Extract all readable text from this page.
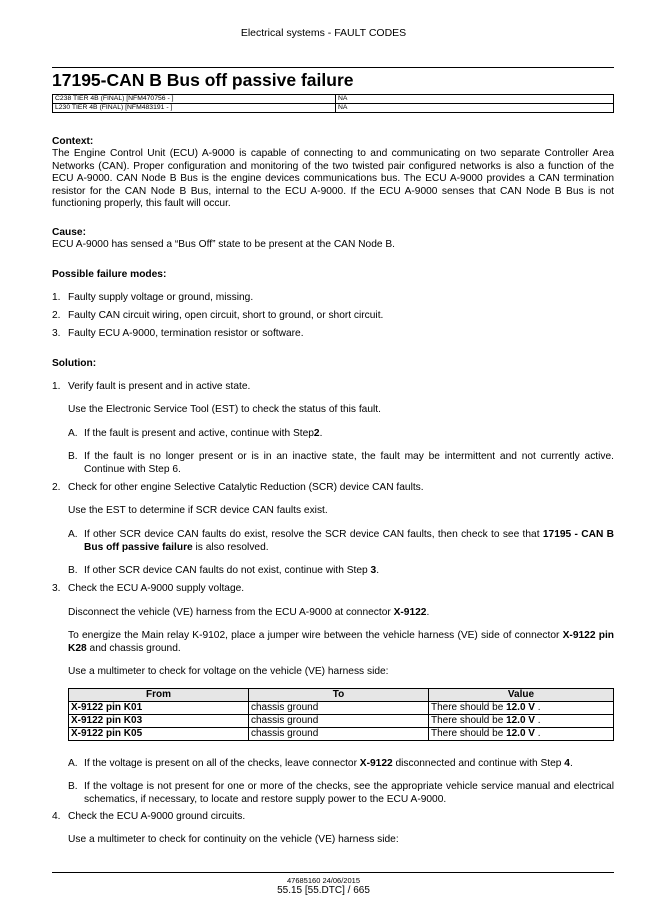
Electrical systems - FAULT CODES
17195-CAN B Bus off passive failure
C238 TIER 4B (FINAL) [NFM470756 - ]	NA
L230 TIER 4B (FINAL) [NFM483191 - ]	NA
Context:
The Engine Control Unit (ECU) A-9000 is capable of connecting to and communicating on two separate Controller Area Networks (CAN). Proper configuration and monitoring of the two twisted pair configured networks is also a function of the ECU A-9000. CAN Node B Bus is the engine devices communications bus. The ECU A-9000 provides a CAN termination resistor for the CAN Node B Bus, internal to the ECU A-9000. If the ECU A-9000 senses that CAN Node B Bus is not functioning properly, this fault will occur.
Cause:
ECU A-9000 has sensed a “Bus Off” state to be present at the CAN Node B.
Possible failure modes:
1. Faulty supply voltage or ground, missing.
2. Faulty CAN circuit wiring, open circuit, short to ground, or short circuit.
3. Faulty ECU A-9000, termination resistor or software.
Solution:
1. Verify fault is present and in active state.
Use the Electronic Service Tool (EST) to check the status of this fault.
A. If the fault is present and active, continue with Step2.
B. If the fault is no longer present or is in an inactive state, the fault may be intermittent and not currently active. Continue with Step 6.
2. Check for other engine Selective Catalytic Reduction (SCR) device CAN faults.
Use the EST to determine if SCR device CAN faults exist.
A. If other SCR device CAN faults do exist, resolve the SCR device CAN faults, then check to see that 17195 - CAN B Bus off passive failure is also resolved.
B. If other SCR device CAN faults do not exist, continue with Step 3.
3. Check the ECU A-9000 supply voltage.
Disconnect the vehicle (VE) harness from the ECU A-9000 at connector X-9122.
To energize the Main relay K-9102, place a jumper wire between the vehicle harness (VE) side of connector X-9122 pin K28 and chassis ground.
Use a multimeter to check for voltage on the vehicle (VE) harness side:
From	To	Value
X-9122 pin K01	chassis ground	There should be 12.0 V .
X-9122 pin K03	chassis ground	There should be 12.0 V .
X-9122 pin K05	chassis ground	There should be 12.0 V .
A. If the voltage is present on all of the checks, leave connector X-9122 disconnected and continue with Step 4.
B. If the voltage is not present for one or more of the checks, see the appropriate vehicle service manual and electrical schematics, if necessary, to locate and restore supply power to the ECU A-9000.
4. Check the ECU A-9000 ground circuits.
Use a multimeter to check for continuity on the vehicle (VE) harness side:
47685160 24/06/2015
55.15 [55.DTC] / 665
